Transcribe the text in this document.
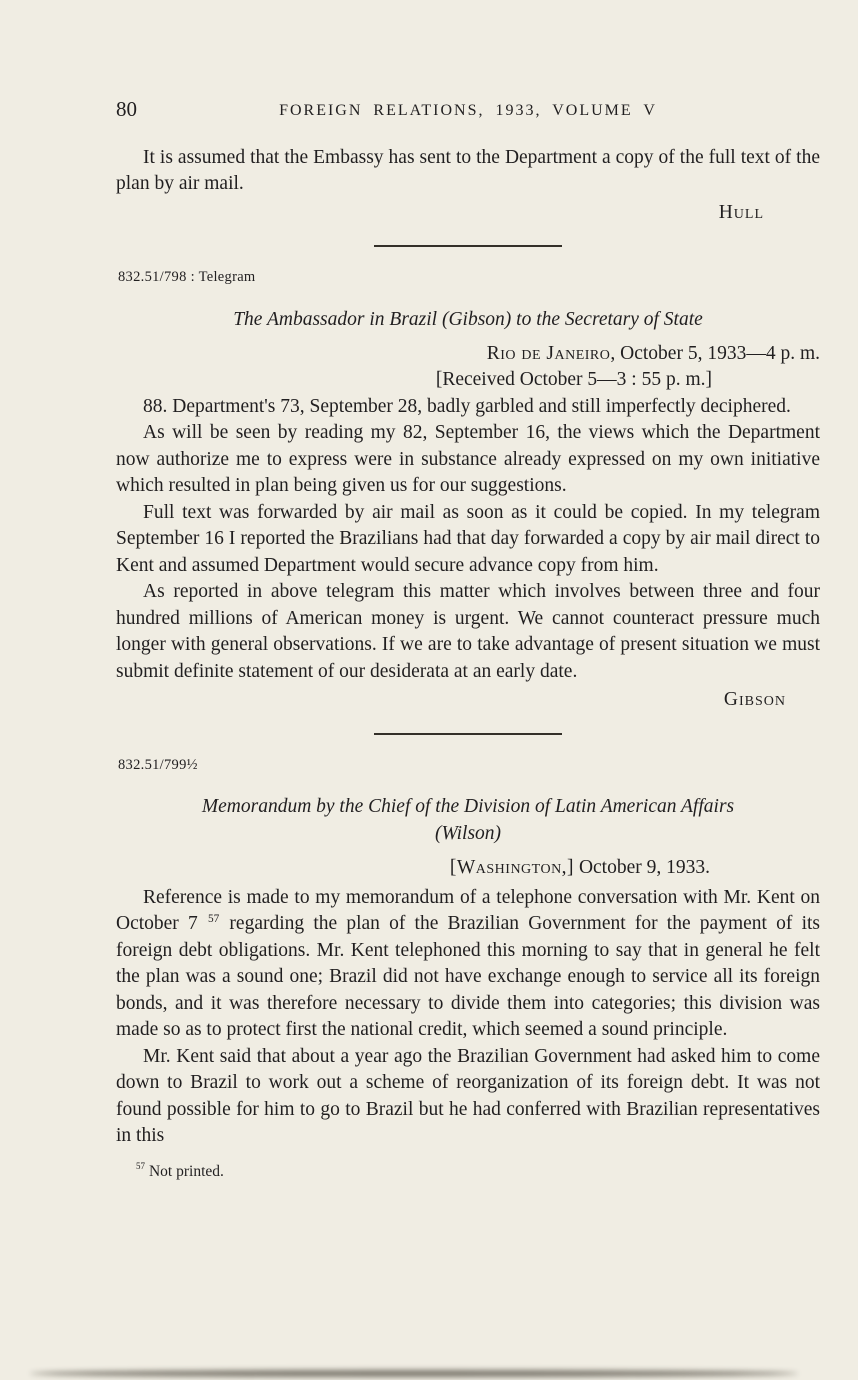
80	FOREIGN RELATIONS, 1933, VOLUME V

It is assumed that the Embassy has sent to the Department a copy of the full text of the plan by air mail.

Hull
832.51/798 : Telegram
The Ambassador in Brazil (Gibson) to the Secretary of State
Rio de Janeiro, October 5, 1933—4 p. m.
[Received October 5—3 : 55 p. m.]

88. Department's 73, September 28, badly garbled and still imperfectly deciphered.

As will be seen by reading my 82, September 16, the views which the Department now authorize me to express were in substance already expressed on my own initiative which resulted in plan being given us for our suggestions.

Full text was forwarded by air mail as soon as it could be copied. In my telegram September 16 I reported the Brazilians had that day forwarded a copy by air mail direct to Kent and assumed Department would secure advance copy from him.

As reported in above telegram this matter which involves between three and four hundred millions of American money is urgent. We cannot counteract pressure much longer with general observations. If we are to take advantage of present situation we must submit definite statement of our desiderata at an early date.

Gibson
832.51/799½
Memorandum by the Chief of the Division of Latin American Affairs
(Wilson)
[Washington,] October 9, 1933.

Reference is made to my memorandum of a telephone conversation with Mr. Kent on October 7 $^{57}$ regarding the plan of the Brazilian Government for the payment of its foreign debt obligations. Mr. Kent telephoned this morning to say that in general he felt the plan was a sound one; Brazil did not have exchange enough to service all its foreign bonds, and it was therefore necessary to divide them into categories; this division was made so as to protect first the national credit, which seemed a sound principle.

Mr. Kent said that about a year ago the Brazilian Government had asked him to come down to Brazil to work out a scheme of reorganization of its foreign debt. It was not found possible for him to go to Brazil but he had conferred with Brazilian representatives in this

$^{57}$ Not printed.
